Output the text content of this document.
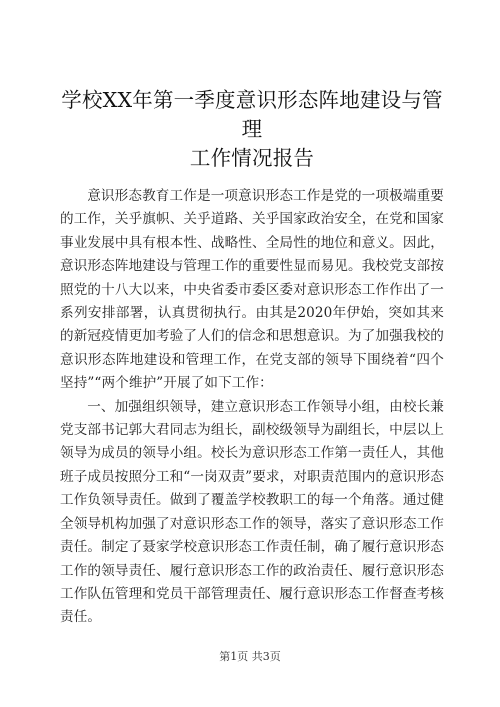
学校XX年第一季度意识形态阵地建设与管理
工作情况报告

意识形态教育工作是一项意识形态工作是党的一项极端重要的工作，关乎旗帜、关乎道路、关乎国家政治安全，在党和国家事业发展中具有根本性、战略性、全局性的地位和意义。因此，意识形态阵地建设与管理工作的重要性显而易见。我校党支部按照党的十八大以来，中央省委市委区委对意识形态工作作出了一系列安排部署，认真贯彻执行。由其是2020年伊始，突如其来的新冠疫情更加考验了人们的信念和思想意识。为了加强我校的意识形态阵地建设和管理工作，在党支部的领导下围绕着“四个坚持”“两个维护”开展了如下工作：

一、加强组织领导，建立意识形态工作领导小组，由校长兼党支部书记郭大君同志为组长，副校级领导为副组长，中层以上领导为成员的领导小组。校长为意识形态工作第一责任人，其他班子成员按照分工和“一岗双责”要求，对职责范围内的意识形态工作负领导责任。做到了覆盖学校教职工的每一个角落。通过健全领导机构加强了对意识形态工作的领导，落实了意识形态工作责任。制定了聂家学校意识形态工作责任制，确了履行意识形态工作的领导责任、履行意识形态工作的政治责任、履行意识形态工作队伍管理和党员干部管理责任、履行意识形态工作督查考核责任。

第1页 共3页
